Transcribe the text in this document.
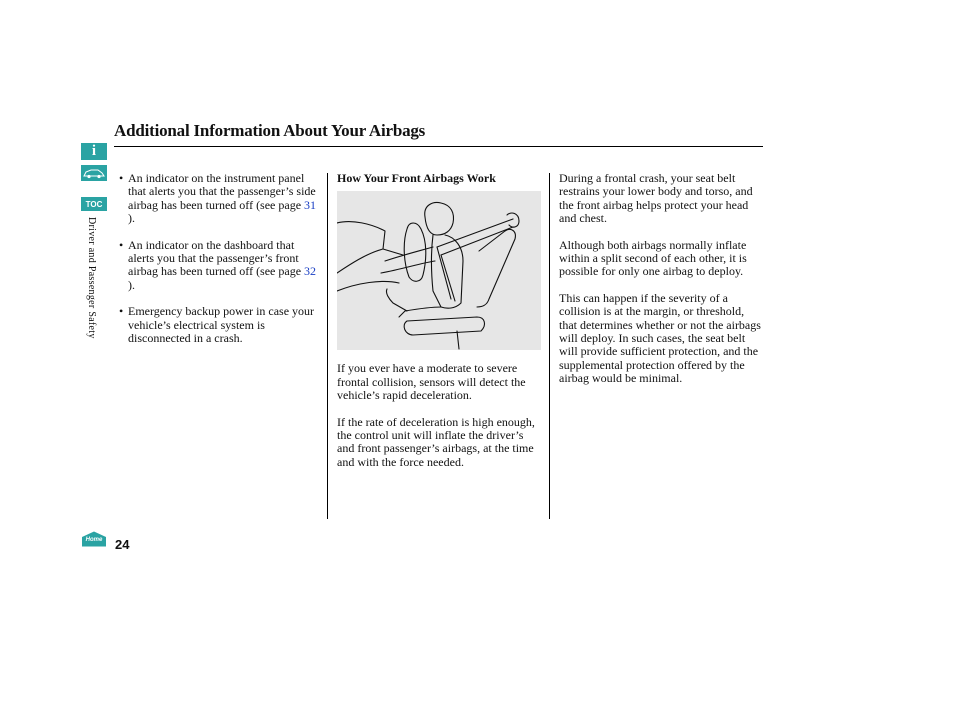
i
TOC
Driver and Passenger Safety
Home 24
Additional Information About Your Airbags
• An indicator on the instrument panel that alerts you that the passenger’s side airbag has been turned off (see page 31 ).
• An indicator on the dashboard that alerts you that the passenger’s front airbag has been turned off (see page 32 ).
• Emergency backup power in case your vehicle’s electrical system is disconnected in a crash.
How Your Front Airbags Work

If you ever have a moderate to severe frontal collision, sensors will detect the vehicle’s rapid deceleration.

If the rate of deceleration is high enough, the control unit will inflate the driver’s and front passenger’s airbags, at the time and with the force needed.

During a frontal crash, your seat belt restrains your lower body and torso, and the front airbag helps protect your head and chest.

Although both airbags normally inflate within a split second of each other, it is possible for only one airbag to deploy.

This can happen if the severity of a collision is at the margin, or threshold, that determines whether or not the airbags will deploy. In such cases, the seat belt will provide sufficient protection, and the supplemental protection offered by the airbag would be minimal.
